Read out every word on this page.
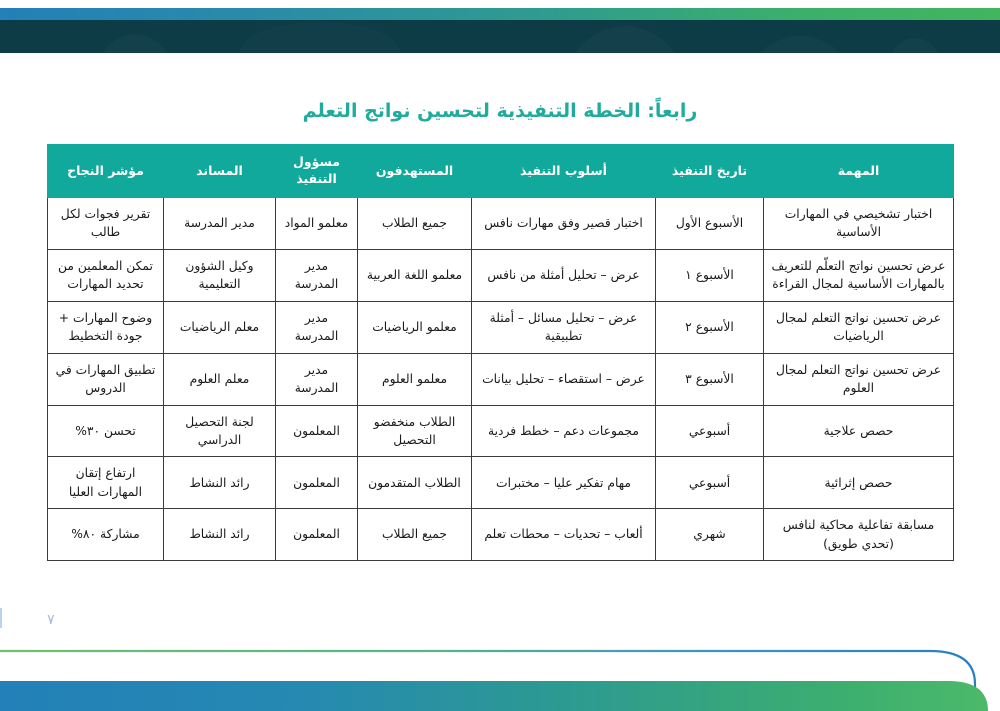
رابعاً: الخطة التنفيذية لتحسين نواتج التعلم
المهمة	تاريخ التنفيذ	أسلوب التنفيذ	المستهدفون	مسؤول التنفيذ	المساند	مؤشر النجاح
اختبار تشخيصي في المهارات الأساسية	الأسبوع الأول	اختبار قصير وفق مهارات نافس	جميع الطلاب	معلمو المواد	مدير المدرسة	تقرير فجوات لكل طالب
عرض تحسين نواتج التعلّم للتعريف بالمهارات الأساسية لمجال القراءة	الأسبوع ١	عرض – تحليل أمثلة من نافس	معلمو اللغة العربية	مدير المدرسة	وكيل الشؤون التعليمية	تمكن المعلمين من تحديد المهارات
عرض تحسين نواتج التعلم لمجال الرياضيات	الأسبوع ٢	عرض – تحليل مسائل – أمثلة تطبيقية	معلمو الرياضيات	مدير المدرسة	معلم الرياضيات	وضوح المهارات + جودة التخطيط
عرض تحسين نواتج التعلم لمجال العلوم	الأسبوع ٣	عرض – استقصاء – تحليل بيانات	معلمو العلوم	مدير المدرسة	معلم العلوم	تطبيق المهارات في الدروس
حصص علاجية	أسبوعي	مجموعات دعم – خطط فردية	الطلاب منخفضو التحصيل	المعلمون	لجنة التحصيل الدراسي	تحسن ٣٠%
حصص إثرائية	أسبوعي	مهام تفكير عليا – مختبرات	الطلاب المتقدمون	المعلمون	رائد النشاط	ارتفاع إتقان المهارات العليا
مسابقة تفاعلية محاكية لنافس (تحدي طويق)	شهري	ألعاب – تحديات – محطات تعلم	جميع الطلاب	المعلمون	رائد النشاط	مشاركة ٨٠%
٧
